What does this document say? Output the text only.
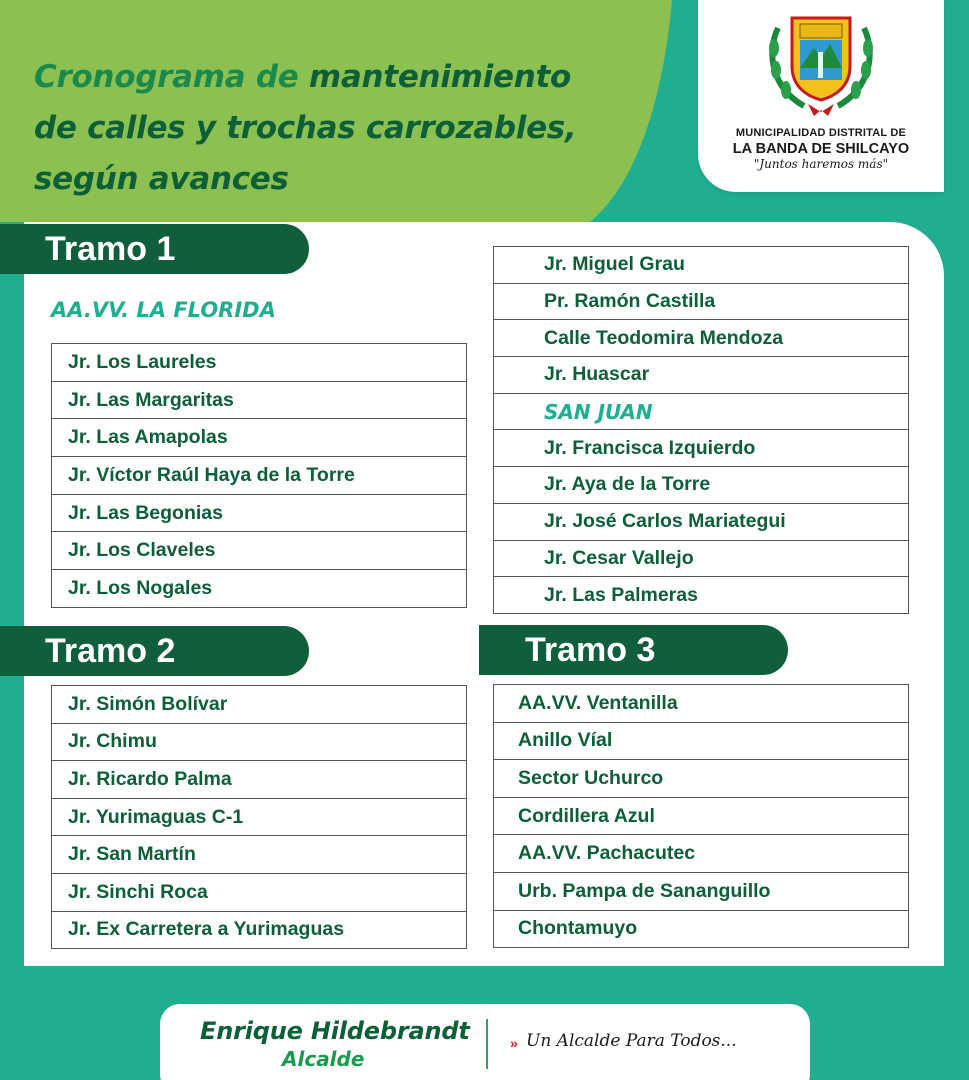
Cronograma de mantenimiento
de calles y trochas carrozables,
según avances
MUNICIPALIDAD DISTRITAL DE
LA BANDA DE SHILCAYO
"Juntos haremos más"
Tramo 1
AA.VV. LA FLORIDA
Jr. Los Laureles
Jr. Las Margaritas
Jr. Las Amapolas
Jr. Víctor Raúl Haya de la Torre
Jr. Las Begonias
Jr. Los Claveles
Jr. Los Nogales
Jr. Miguel Grau
Pr. Ramón Castilla
Calle Teodomira Mendoza
Jr. Huascar
SAN JUAN
Jr. Francisca Izquierdo
Jr. Aya de la Torre
Jr. José Carlos Mariategui
Jr. Cesar Vallejo
Jr. Las Palmeras
Tramo 2
Jr. Simón Bolívar
Jr. Chimu
Jr. Ricardo Palma
Jr. Yurimaguas C-1
Jr. San Martín
Jr. Sinchi Roca
Jr. Ex Carretera a Yurimaguas
Tramo 3
AA.VV. Ventanilla
Anillo Víal
Sector Uchurco
Cordillera Azul
AA.VV. Pachacutec
Urb. Pampa de Sananguillo
Chontamuyo
Enrique Hildebrandt
Alcalde
» Un Alcalde Para Todos...
